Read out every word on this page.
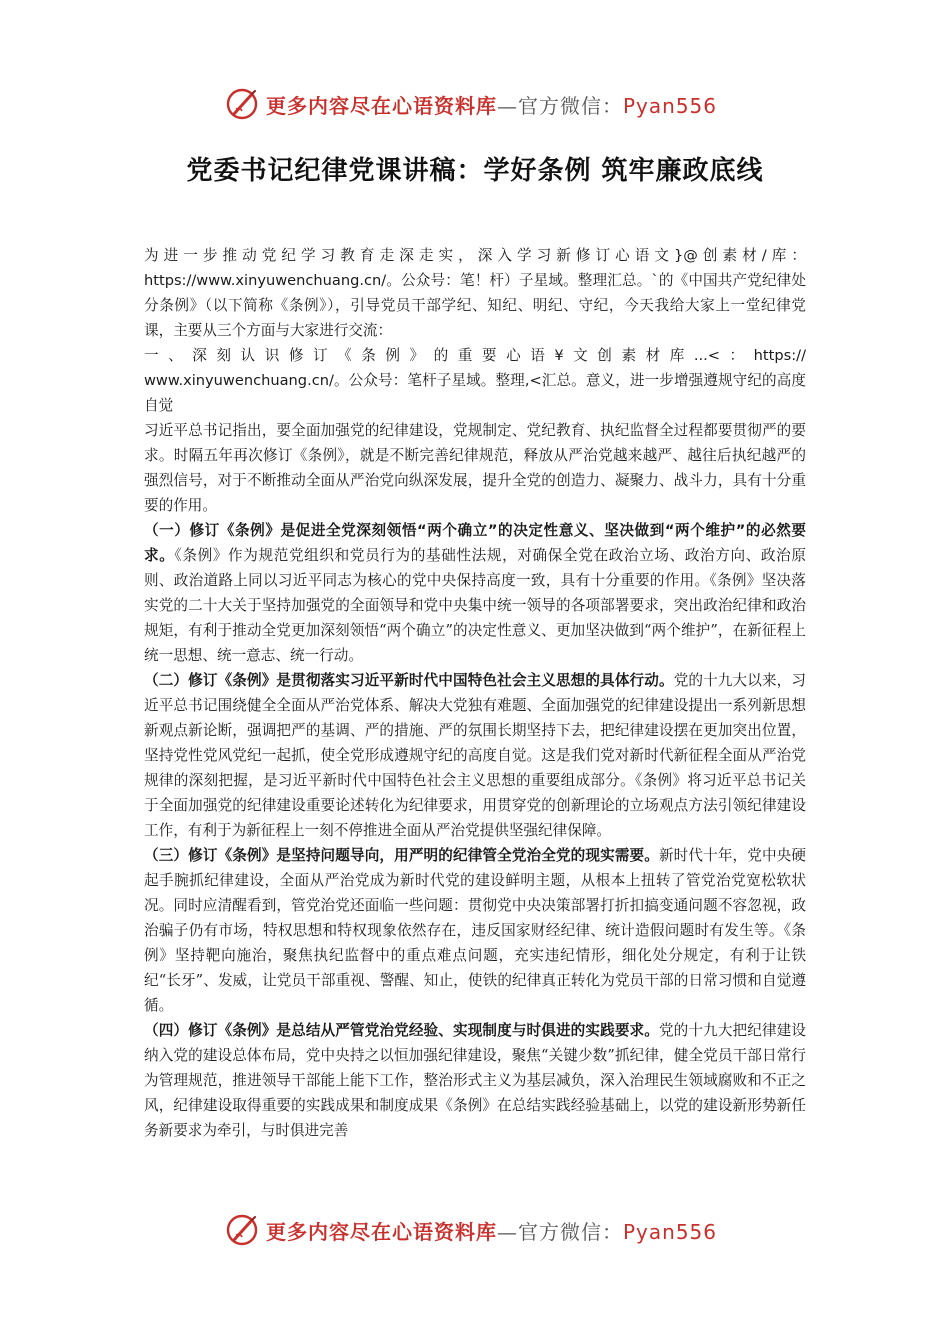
更多内容尽在心语资料库—官方微信：Pyan556
党委书记纪律党课讲稿：学好条例 筑牢廉政底线

为进一步推动党纪学习教育走深走实，深入学习新修订心语文}@创素材/库：https://www.xinyuwenchuang.cn/。公众号：笔！杆）子星域。整理汇总。`的《中国共产党纪律处分条例》（以下简称《条例》），引导党员干部学纪、知纪、明纪、守纪，今天我给大家上一堂纪律党课，主要从三个方面与大家进行交流：

一、深刻认识修订《条例》的重要心语¥文创素材库...<：https://

www.xinyuwenchuang.cn/。公众号：笔杆子星域。整理,<汇总。意义，进一步增强遵规守纪的高度自觉

习近平总书记指出，要全面加强党的纪律建设，党规制定、党纪教育、执纪监督全过程都要贯彻严的要求。时隔五年再次修订《条例》，就是不断完善纪律规范，释放从严治党越来越严、越往后执纪越严的强烈信号，对于不断推动全面从严治党向纵深发展，提升全党的创造力、凝聚力、战斗力，具有十分重要的作用。

（一）修订《条例》是促进全党深刻领悟“两个确立”的决定性意义、坚决做到“两个维护”的必然要求。《条例》作为规范党组织和党员行为的基础性法规，对确保全党在政治立场、政治方向、政治原则、政治道路上同以习近平同志为核心的党中央保持高度一致，具有十分重要的作用。《条例》坚决落实党的二十大关于坚持加强党的全面领导和党中央集中统一领导的各项部署要求，突出政治纪律和政治规矩，有利于推动全党更加深刻领悟“两个确立”的决定性意义、更加坚决做到“两个维护”，在新征程上统一思想、统一意志、统一行动。

（二）修订《条例》是贯彻落实习近平新时代中国特色社会主义思想的具体行动。党的十九大以来，习近平总书记围绕健全全面从严治党体系、解决大党独有难题、全面加强党的纪律建设提出一系列新思想新观点新论断，强调把严的基调、严的措施、严的氛围长期坚持下去，把纪律建设摆在更加突出位置，坚持党性党风党纪一起抓，使全党形成遵规守纪的高度自觉。这是我们党对新时代新征程全面从严治党规律的深刻把握，是习近平新时代中国特色社会主义思想的重要组成部分。《条例》将习近平总书记关于全面加强党的纪律建设重要论述转化为纪律要求，用贯穿党的创新理论的立场观点方法引领纪律建设工作，有利于为新征程上一刻不停推进全面从严治党提供坚强纪律保障。

（三）修订《条例》是坚持问题导向，用严明的纪律管全党治全党的现实需要。新时代十年，党中央硬起手腕抓纪律建设，全面从严治党成为新时代党的建设鲜明主题，从根本上扭转了管党治党宽松软状况。同时应清醒看到，管党治党还面临一些问题：贯彻党中央决策部署打折扣搞变通问题不容忽视，政治骗子仍有市场，特权思想和特权现象依然存在，违反国家财经纪律、统计造假问题时有发生等。《条例》坚持靶向施治，聚焦执纪监督中的重点难点问题，充实违纪情形，细化处分规定，有利于让铁纪“长牙”、发威，让党员干部重视、警醒、知止，使铁的纪律真正转化为党员干部的日常习惯和自觉遵循。

（四）修订《条例》是总结从严管党治党经验、实现制度与时俱进的实践要求。党的十九大把纪律建设纳入党的建设总体布局，党中央持之以恒加强纪律建设，聚焦“关键少数”抓纪律，健全党员干部日常行为管理规范，推进领导干部能上能下工作，整治形式主义为基层减负，深入治理民生领域腐败和不正之风，纪律建设取得重要的实践成果和制度成果《条例》在总结实践经验基础上，以党的建设新形势新任务新要求为牵引，与时俱进完善

更多内容尽在心语资料库—官方微信：Pyan556
